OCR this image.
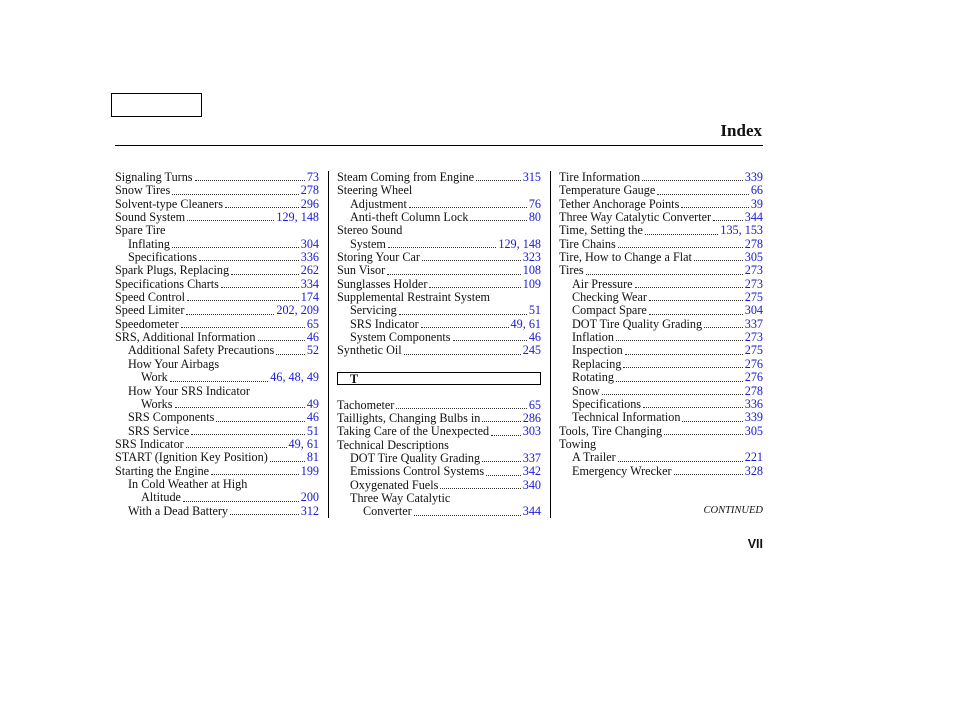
Index
Signaling Turns	73
Snow Tires	278
Solvent-type Cleaners	296
Sound System	129, 148
Spare Tire
Inflating	304
Specifications	336
Spark Plugs, Replacing	262
Specifications Charts	334
Speed Control	174
Speed Limiter	202, 209
Speedometer	65
SRS, Additional Information	46
Additional Safety Precautions	52
How Your Airbags
Work	46, 48, 49
How Your SRS Indicator
Works	49
SRS Components	46
SRS Service	51
SRS Indicator	49, 61
START (Ignition Key Position)	81
Starting the Engine	199
In Cold Weather at High
Altitude	200
With a Dead Battery	312
Steam Coming from Engine	315
Steering Wheel
Adjustment	76
Anti-theft Column Lock	80
Stereo Sound
System	129, 148
Storing Your Car	323
Sun Visor	108
Sunglasses Holder	109
Supplemental Restraint System
Servicing	51
SRS Indicator	49, 61
System Components	46
Synthetic Oil	245
T
Tachometer	65
Taillights, Changing Bulbs in	286
Taking Care of the Unexpected	303
Technical Descriptions
DOT Tire Quality Grading	337
Emissions Control Systems	342
Oxygenated Fuels	340
Three Way Catalytic
Converter	344
Tire Information	339
Temperature Gauge	66
Tether Anchorage Points	39
Three Way Catalytic Converter	344
Time, Setting the	135, 153
Tire Chains	278
Tire, How to Change a Flat	305
Tires	273
Air Pressure	273
Checking Wear	275
Compact Spare	304
DOT Tire Quality Grading	337
Inflation	273
Inspection	275
Replacing	276
Rotating	276
Snow	278
Specifications	336
Technical Information	339
Tools, Tire Changing	305
Towing
A Trailer	221
Emergency Wrecker	328
CONTINUED
VII
